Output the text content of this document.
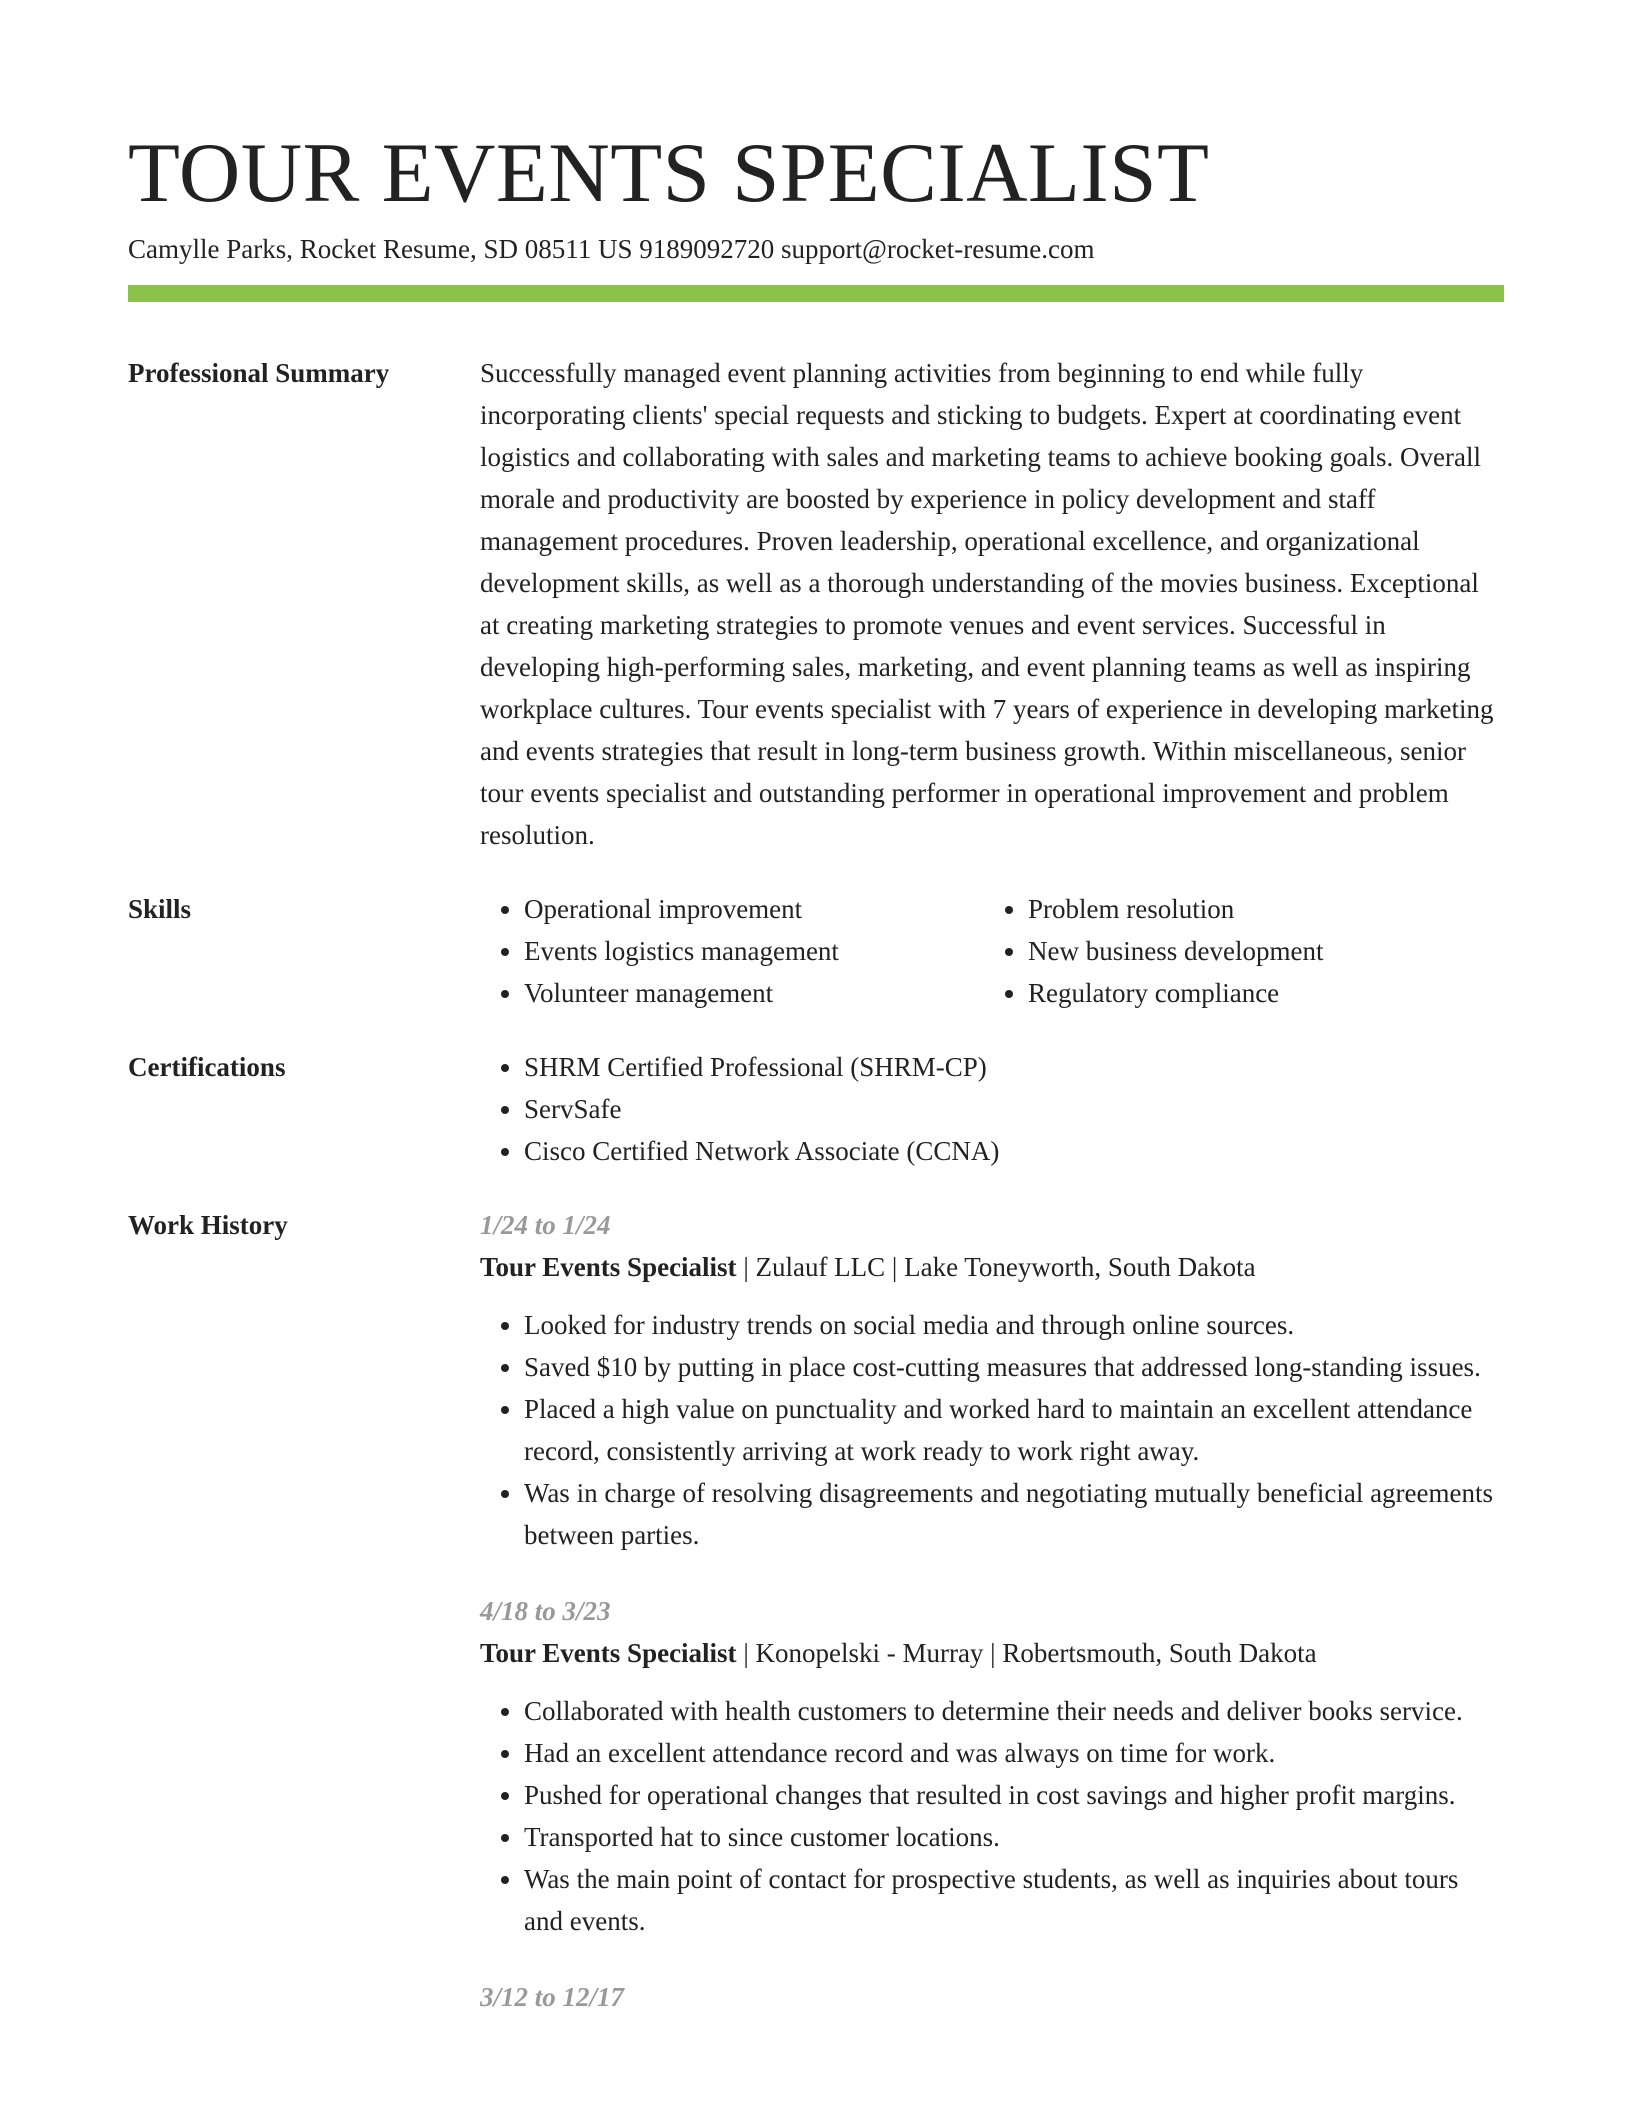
TOUR EVENTS SPECIALIST
Camylle Parks, Rocket Resume, SD 08511 US 9189092720 support@rocket-resume.com
Professional Summary	Successfully managed event planning activities from beginning to end while fully incorporating clients' special requests and sticking to budgets. Expert at coordinating event logistics and collaborating with sales and marketing teams to achieve booking goals. Overall morale and productivity are boosted by experience in policy development and staff management procedures. Proven leadership, operational excellence, and organizational development skills, as well as a thorough understanding of the movies business. Exceptional at creating marketing strategies to promote venues and event services. Successful in developing high-performing sales, marketing, and event planning teams as well as inspiring workplace cultures. Tour events specialist with 7 years of experience in developing marketing and events strategies that result in long-term business growth. Within miscellaneous, senior tour events specialist and outstanding performer in operational improvement and problem resolution.

Skills	• Operational improvement
• Events logistics management
• Volunteer management
• Problem resolution
• New business development
• Regulatory compliance
Certifications	• SHRM Certified Professional (SHRM-CP)
• ServSafe
• Cisco Certified Network Associate (CCNA)
Work History	1/24 to 1/24
Tour Events Specialist | Zulauf LLC | Lake Toneyworth, South Dakota
• Looked for industry trends on social media and through online sources.
• Saved $10 by putting in place cost-cutting measures that addressed long-standing issues.
• Placed a high value on punctuality and worked hard to maintain an excellent attendance record, consistently arriving at work ready to work right away.
• Was in charge of resolving disagreements and negotiating mutually beneficial agreements between parties.
4/18 to 3/23
Tour Events Specialist | Konopelski - Murray | Robertsmouth, South Dakota
• Collaborated with health customers to determine their needs and deliver books service.
• Had an excellent attendance record and was always on time for work.
• Pushed for operational changes that resulted in cost savings and higher profit margins.
• Transported hat to since customer locations.
• Was the main point of contact for prospective students, as well as inquiries about tours and events.
3/12 to 12/17
